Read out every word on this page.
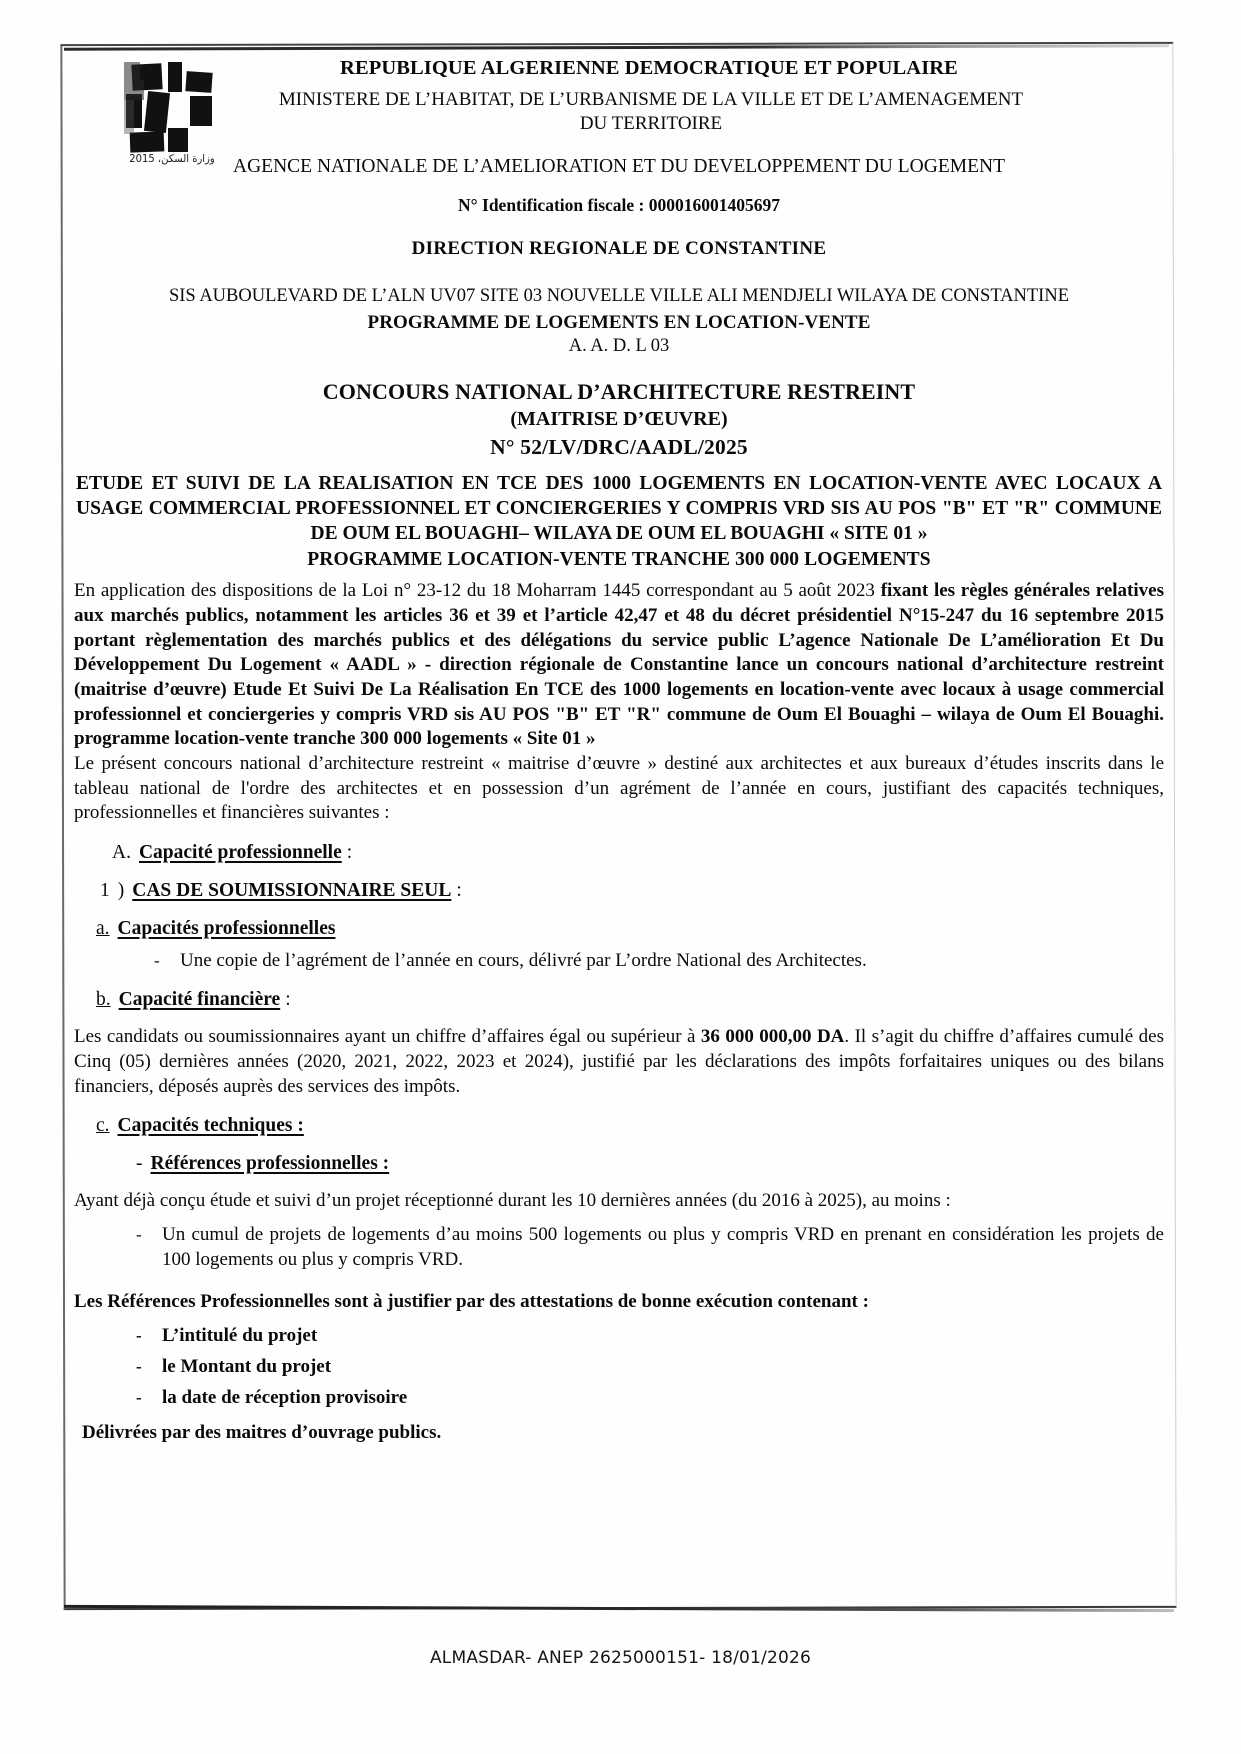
وزارة السكن، 2015
REPUBLIQUE ALGERIENNE DEMOCRATIQUE ET POPULAIRE
MINISTERE DE L’HABITAT, DE L’URBANISME DE LA VILLE ET DE L’AMENAGEMENT
DU TERRITOIRE
AGENCE NATIONALE DE L’AMELIORATION ET DU DEVELOPPEMENT DU LOGEMENT
N° Identification fiscale : 000016001405697
DIRECTION REGIONALE DE CONSTANTINE
SIS AUBOULEVARD DE L’ALN UV07 SITE 03 NOUVELLE VILLE ALI MENDJELI WILAYA DE CONSTANTINE
PROGRAMME DE LOGEMENTS EN LOCATION-VENTE
A. A. D. L 03
CONCOURS NATIONAL D’ARCHITECTURE RESTREINT
(MAITRISE D’ŒUVRE)
N° 52/LV/DRC/AADL/2025
ETUDE ET SUIVI DE LA REALISATION EN TCE DES 1000 LOGEMENTS EN LOCATION-VENTE AVEC LOCAUX A USAGE COMMERCIAL PROFESSIONNEL ET CONCIERGERIES Y COMPRIS VRD SIS AU POS "B" ET "R" COMMUNE DE OUM EL BOUAGHI– WILAYA DE OUM EL BOUAGHI « SITE 01 »
PROGRAMME LOCATION-VENTE TRANCHE 300 000 LOGEMENTS

En application des dispositions de la Loi n° 23-12 du 18 Moharram 1445 correspondant au 5 août 2023 fixant les règles générales relatives aux marchés publics, notamment les articles 36 et 39 et l’article 42,47 et 48 du décret présidentiel N°15-247 du 16 septembre 2015 portant règlementation des marchés publics et des délégations du service public L’agence Nationale De L’amélioration Et Du Développement Du Logement « AADL » - direction régionale de Constantine lance un concours national d’architecture restreint (maitrise d’œuvre) Etude Et Suivi De La Réalisation En TCE des 1000 logements en location-vente avec locaux à usage commercial professionnel et conciergeries y compris VRD sis AU POS "B" ET "R" commune de Oum El Bouaghi – wilaya de Oum El Bouaghi. programme location-vente tranche 300 000 logements « Site 01 »

Le présent concours national d’architecture restreint « maitrise d’œuvre » destiné aux architectes et aux bureaux d’études inscrits dans le tableau national de l'ordre des architectes et en possession d’un agrément de l’année en cours, justifiant des capacités techniques, professionnelles et financières suivantes :

A. Capacité professionnelle :
1 ) CAS DE SOUMISSIONNAIRE SEUL :
a. Capacités professionnelles
-	Une copie de l’agrément de l’année en cours, délivré par L’ordre National des Architectes.
b. Capacité financière :

Les candidats ou soumissionnaires ayant un chiffre d’affaires égal ou supérieur à 36 000 000,00 DA. Il s’agit du chiffre d’affaires cumulé des Cinq (05) dernières années (2020, 2021, 2022, 2023 et 2024), justifié par les déclarations des impôts forfaitaires uniques ou des bilans financiers, déposés auprès des services des impôts.

c. Capacités techniques :
- Références professionnelles :

Ayant déjà conçu étude et suivi d’un projet réceptionné durant les 10 dernières années (du 2016 à 2025), au moins :

-	Un cumul de projets de logements d’au moins 500 logements ou plus y compris VRD en prenant en considération les projets de 100 logements ou plus y compris VRD.
Les Références Professionnelles sont à justifier par des attestations de bonne exécution contenant :
-	L’intitulé du projet
-	le Montant du projet
-	la date de réception provisoire
Délivrées par des maitres d’ouvrage publics.
ALMASDAR- ANEP 2625000151- 18/01/2026
